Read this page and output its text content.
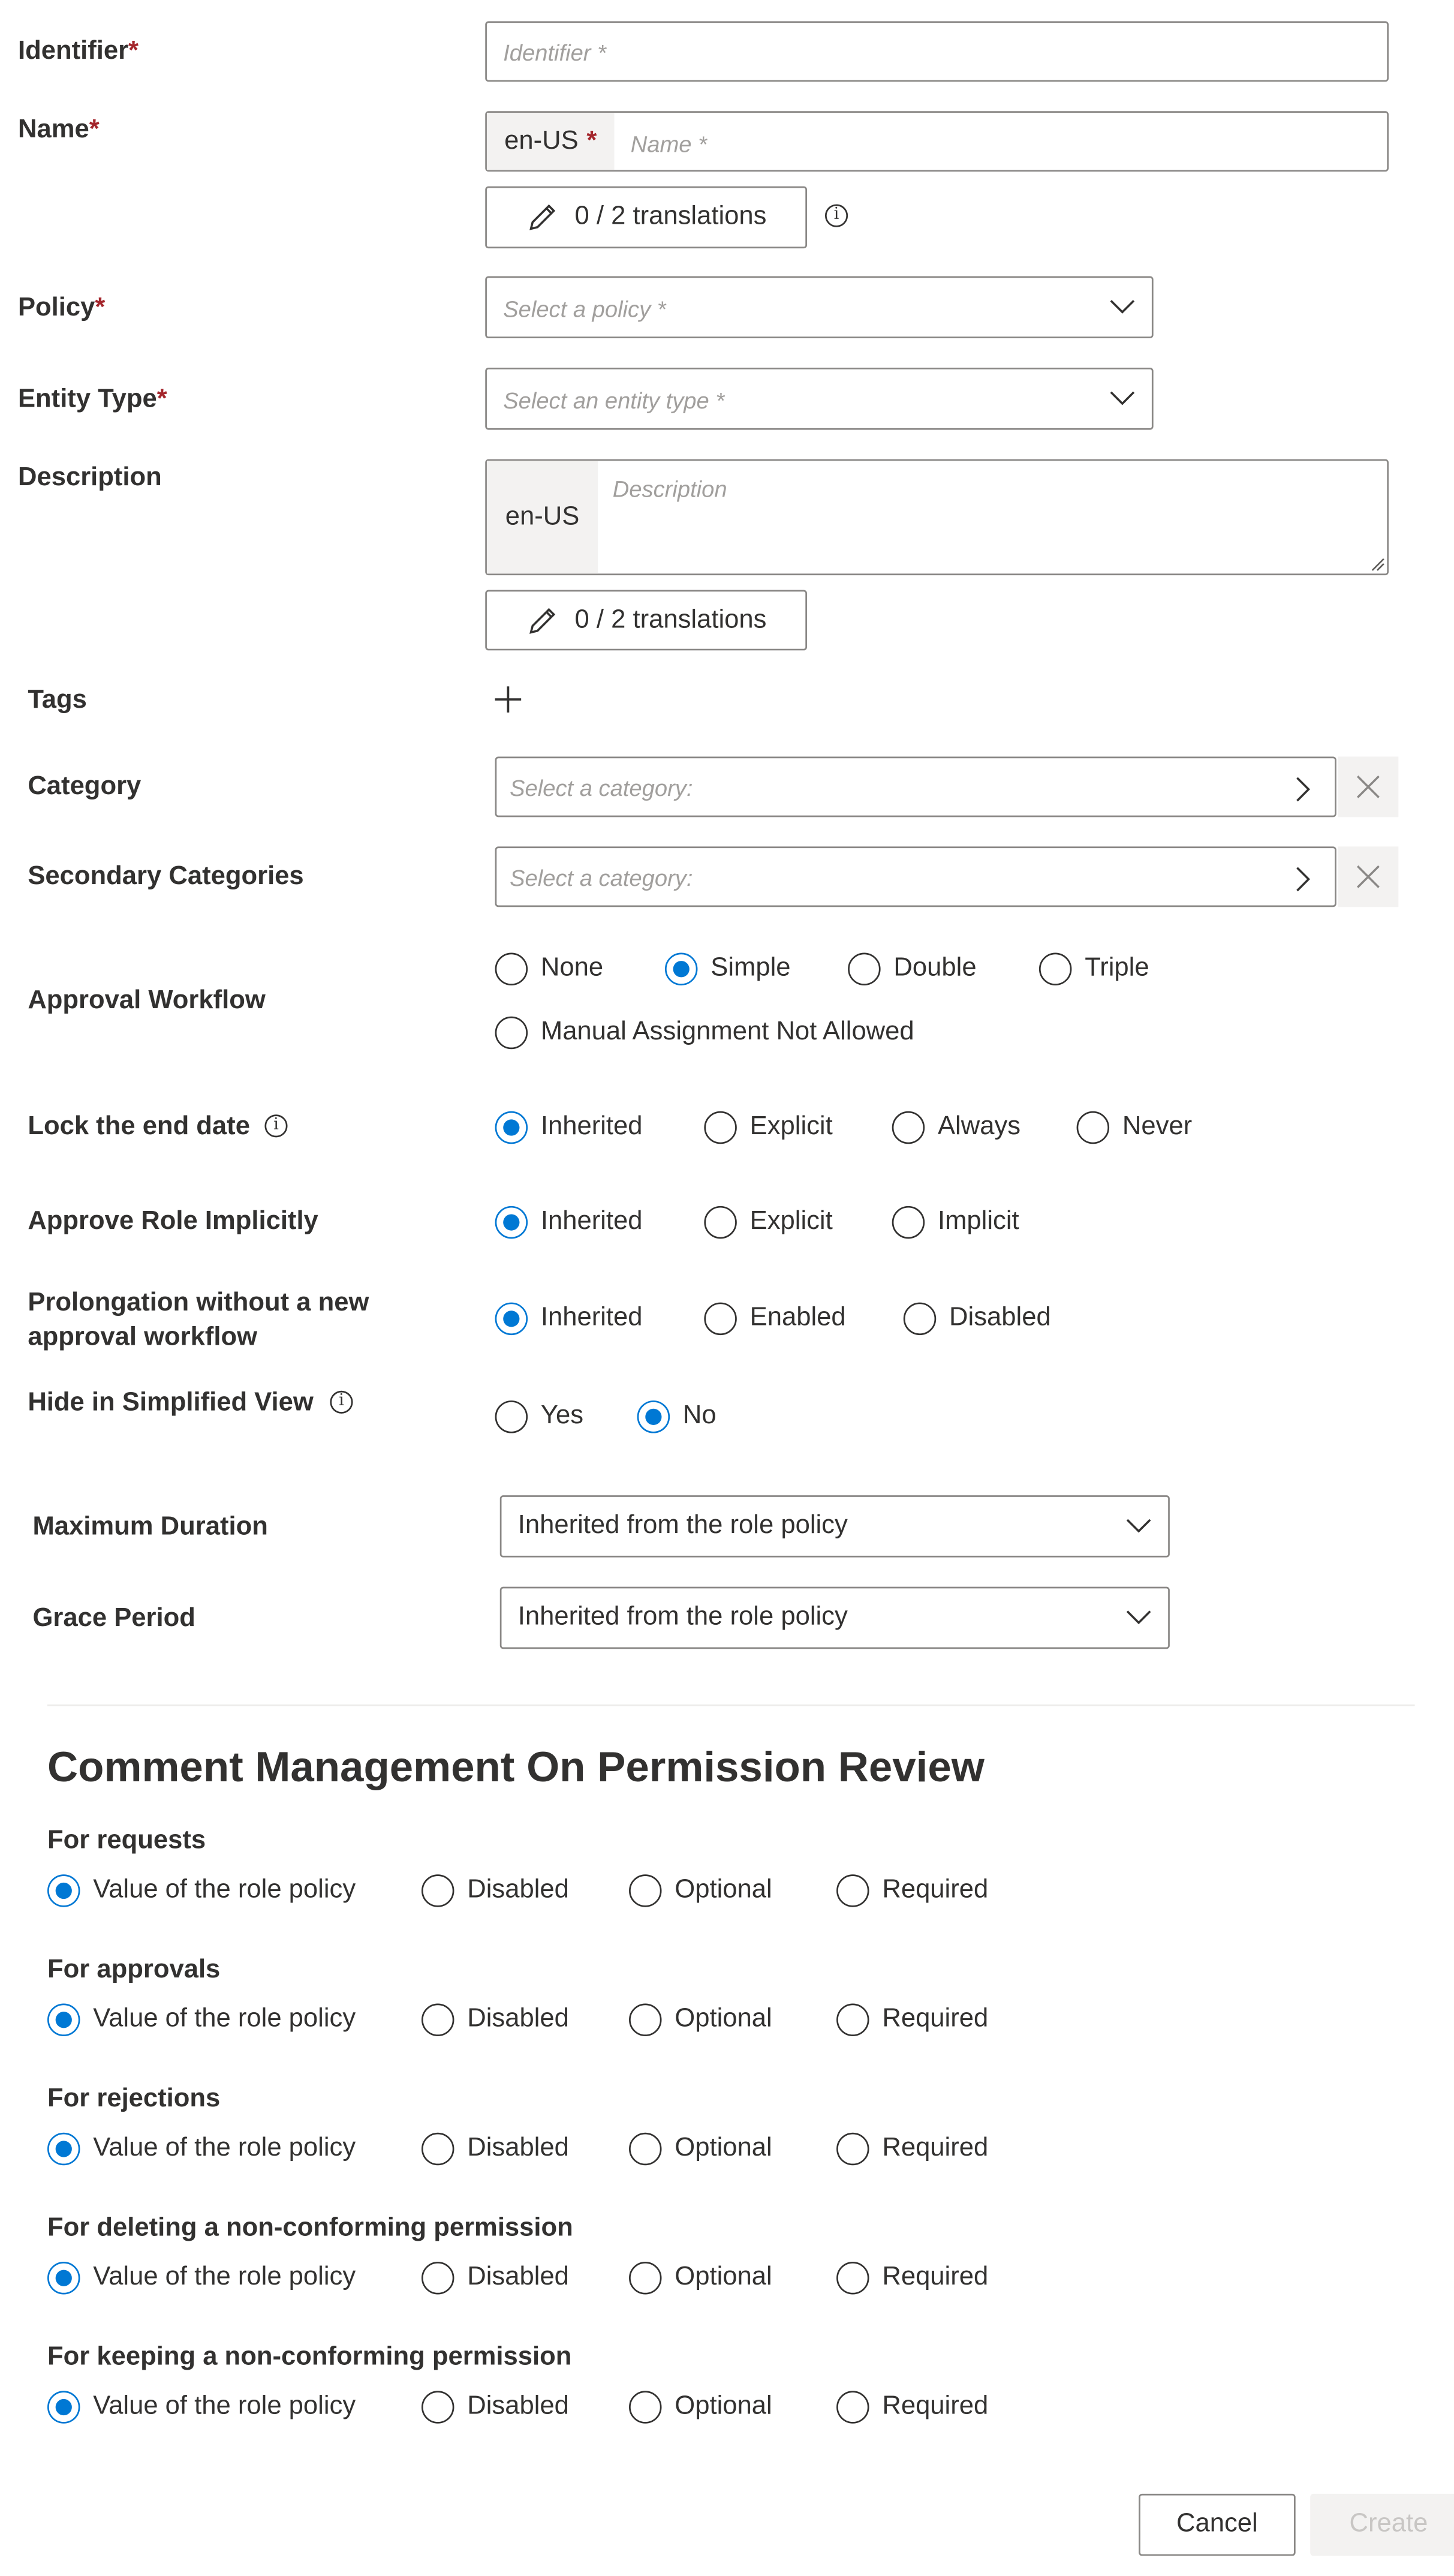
Identifier*	Identifier *
Name*	en-US *	Name *
0 / 2 translations	i
Policy*	Select a policy *
Entity Type*	Select an entity type *
Description
en-US
Description
0 / 2 translations
Tags
Category	Select a category:
Secondary Categories	Select a category:
Approval Workflow
None	Simple	Double	Triple
Manual Assignment Not Allowed
Lock the end date	i	Inherited	Explicit	Always	Never
Approve Role Implicitly	Inherited	Explicit	Implicit
Prolongation without a new
approval workflow
Inherited	Enabled	Disabled
Hide in Simplified View	i
Yes	No
Maximum Duration	Inherited from the role policy
Grace Period	Inherited from the role policy
Comment Management On Permission Review
For requests
Value of the role policy	Disabled	Optional	Required
For approvals
Value of the role policy	Disabled	Optional	Required
For rejections
Value of the role policy	Disabled	Optional	Required
For deleting a non-conforming permission
Value of the role policy	Disabled	Optional	Required
For keeping a non-conforming permission
Value of the role policy	Disabled	Optional	Required
Cancel	Create
